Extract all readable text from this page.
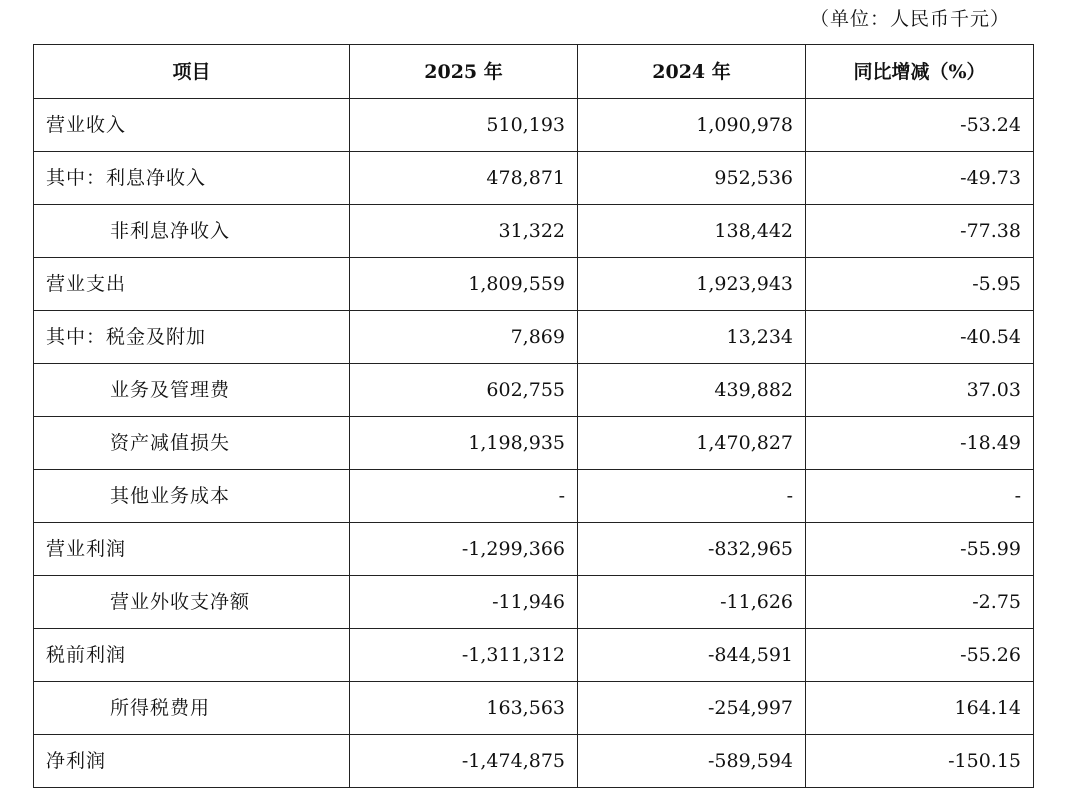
（单位：人民币千元）
项目	2025 年	2024 年	同比增减（%）
营业收入	510,193	1,090,978	-53.24
其中：利息净收入	478,871	952,536	-49.73
非利息净收入	31,322	138,442	-77.38
营业支出	1,809,559	1,923,943	-5.95
其中：税金及附加	7,869	13,234	-40.54
业务及管理费	602,755	439,882	37.03
资产减值损失	1,198,935	1,470,827	-18.49
其他业务成本	-	-	-
营业利润	-1,299,366	-832,965	-55.99
营业外收支净额	-11,946	-11,626	-2.75
税前利润	-1,311,312	-844,591	-55.26
所得税费用	163,563	-254,997	164.14
净利润	-1,474,875	-589,594	-150.15
